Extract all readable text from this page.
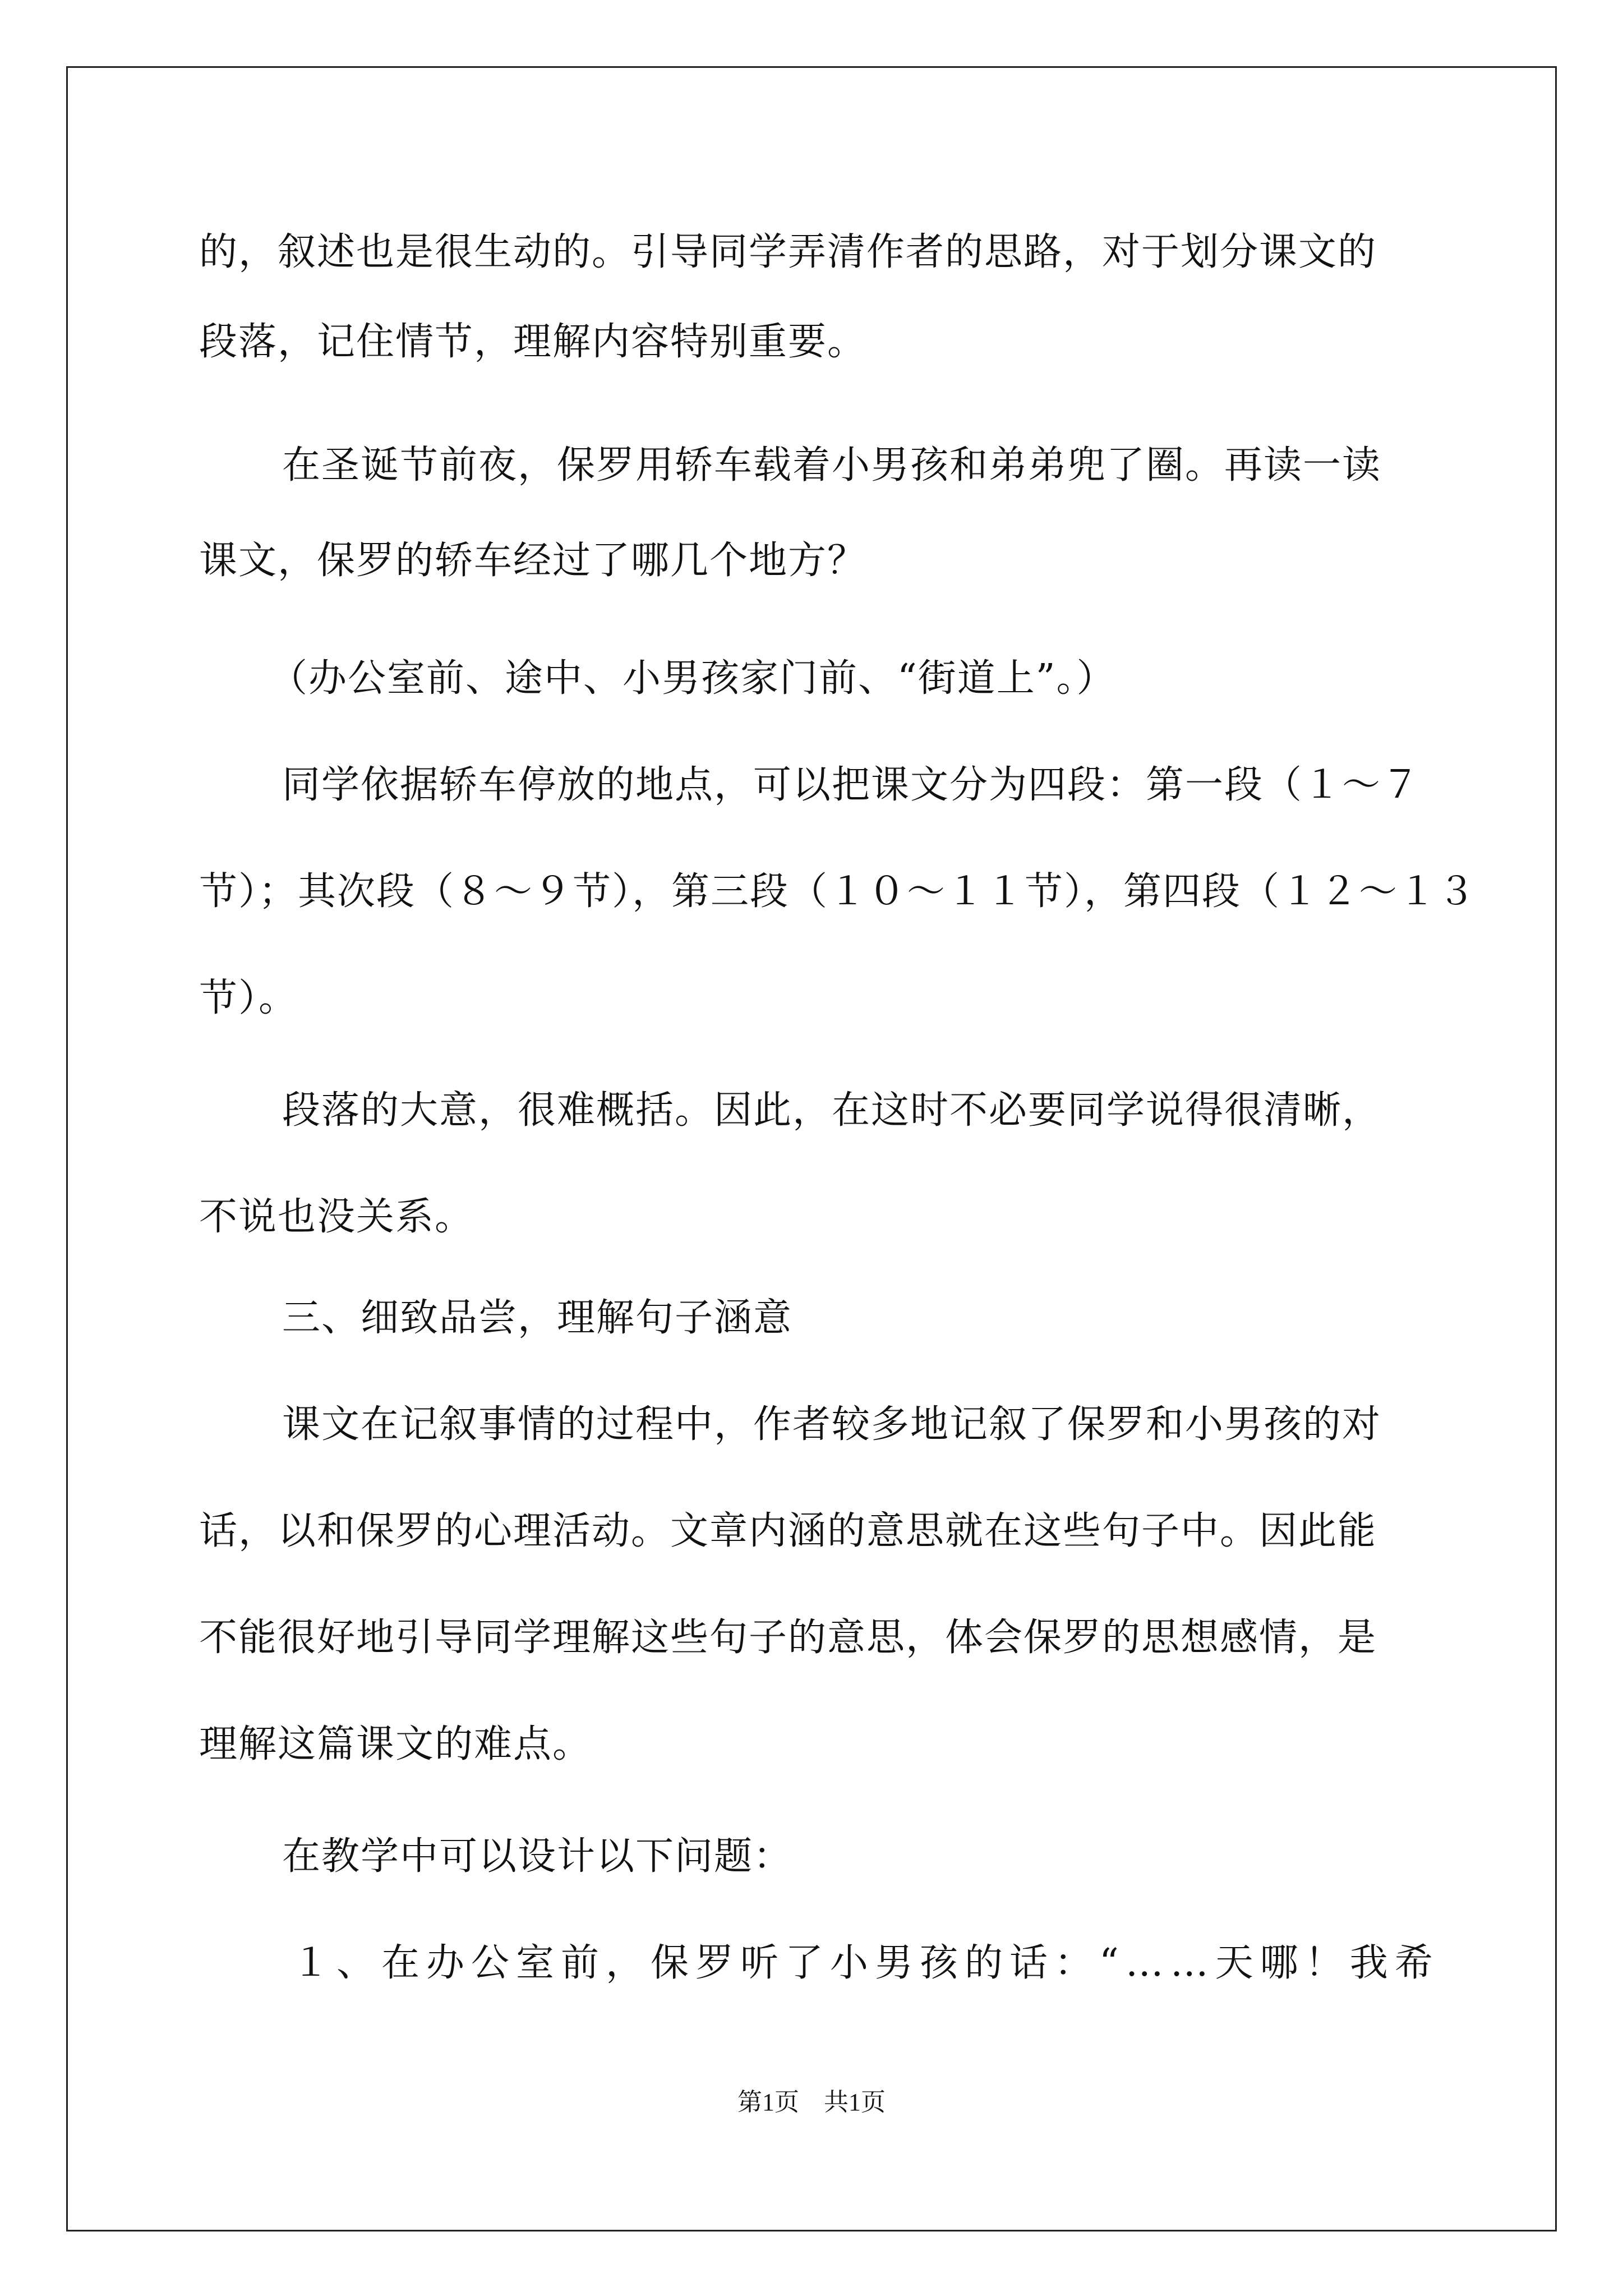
的，叙述也是很生动的。引导同学弄清作者的思路，对于划分课文的
段落，记住情节，理解内容特别重要。
在圣诞节前夜，保罗用轿车载着小男孩和弟弟兜了圈。再读一读
课文，保罗的轿车经过了哪几个地方？
（办公室前、途中、小男孩家门前、“街道上”。）
同学依据轿车停放的地点，可以把课文分为四段：第一段（１～７
节）；其次段（８～９节），第三段（１０～１１节），第四段（１２～１３
节）。
段落的大意，很难概括。因此，在这时不必要同学说得很清晰，
不说也没关系。
三、细致品尝，理解句子涵意
课文在记叙事情的过程中，作者较多地记叙了保罗和小男孩的对
话，以和保罗的心理活动。文章内涵的意思就在这些句子中。因此能
不能很好地引导同学理解这些句子的意思，体会保罗的思想感情，是
理解这篇课文的难点。
在教学中可以设计以下问题：
１、在办公室前，保罗听了小男孩的话：“……天哪！我希
第1页　共1页
